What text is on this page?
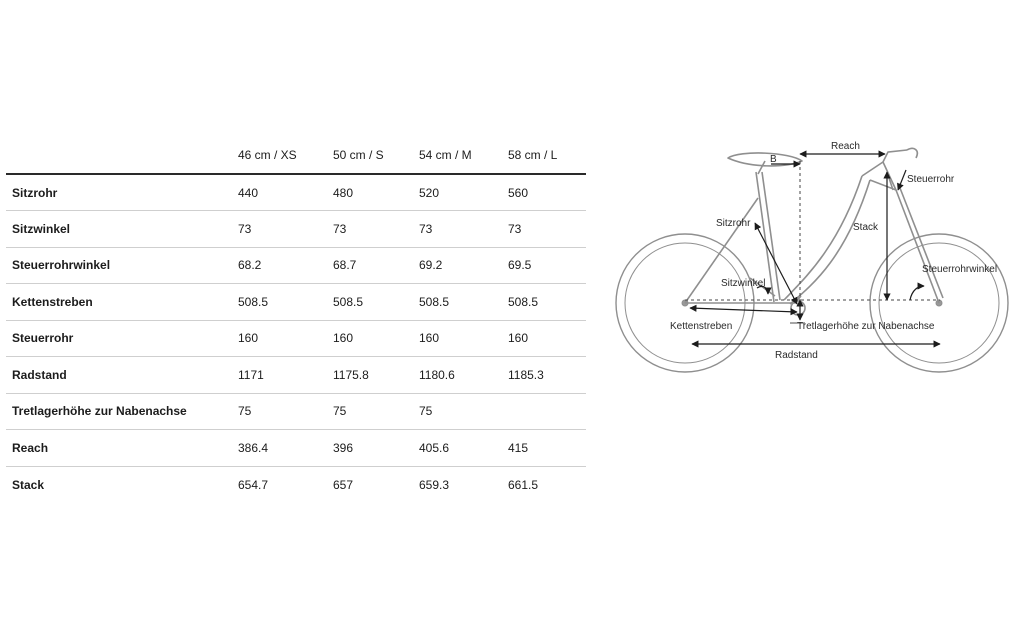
	46 cm / XS	50 cm / S	54 cm / M	58 cm / L
Sitzrohr	440	480	520	560
Sitzwinkel	73	73	73	73
Steuerrohrwinkel	68.2	68.7	69.2	69.5
Kettenstreben	508.5	508.5	508.5	508.5
Steuerrohr	160	160	160	160
Radstand	1171	1175.8	1180.6	1185.3
Tretlagerhöhe zur Nabenachse	75	75	75	
Reach	386.4	396	405.6	415
Stack	654.7	657	659.3	661.5
Reach
B
Steuerrohr
Sitzrohr	Stack
Steuerrohrwinkel
Sitzwinkel
Kettenstreben	Tretlagerhöhe zur Nabenachse
Radstand
